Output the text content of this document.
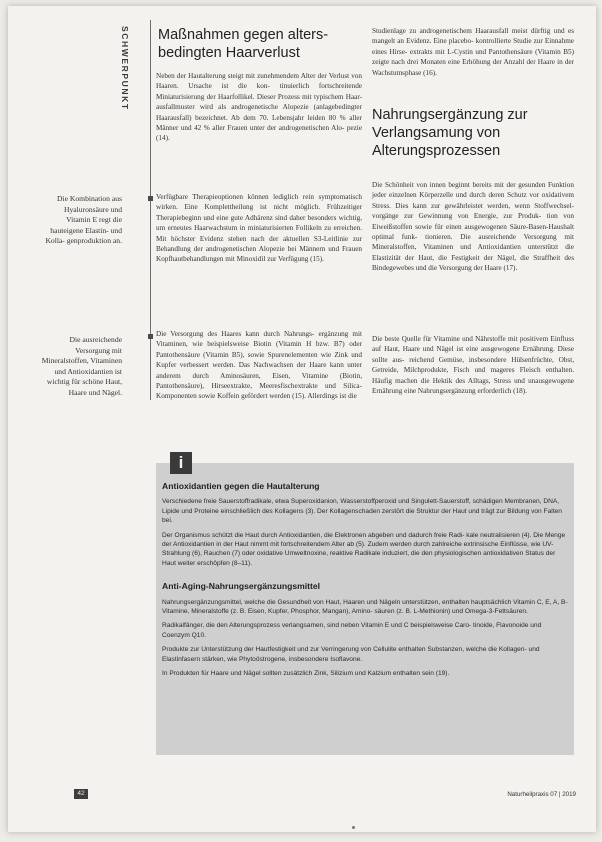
SCHWERPUNKT
Die Kombination aus Hyaluronsäure und Vitamin E regt die hauteigene Elastin- und Kolla- genproduktion an.
Die ausreichende Versorgung mit Mineralstoffen, Vitaminen und Antioxidantien ist wichtig für schöne Haut, Haare und Nägel.
Maßnahmen gegen alters- bedingten Haarverlust

Neben der Hautalterung steigt mit zunehmendem Alter der Verlust von Haaren. Ursache ist die kon- tinuierlich fortschreitende Miniaturisierung der Haarfollikel. Dieser Prozess mit typischem Haar- ausfallmuster wird als androgenetische Alopezie (anlagebedingter Haarausfall) bezeichnet. Ab dem 70. Lebensjahr leiden 80 % aller Männer und 42 % aller Frauen unter der androgenetischen Alo- pezie (14).

Verfügbare Therapieoptionen können lediglich rein symptomatisch wirken. Eine Komplettheilung ist nicht möglich. Frühzeitiger Therapiebeginn und eine gute Adhärenz sind daher besonders wichtig, um erneutes Haarwachstum in miniaturisierten Follikeln zu erreichen. Mit höchster Evidenz stehen nach der aktuellen S3-Leitlinie zur Behandlung der androgenetischen Alopezie bei Männern und Frauen Kopfhautbehandlungen mit Minoxidil zur Verfügung (15).

Die Versorgung des Haares kann durch Nahrungs- ergänzung mit Vitaminen, wie beispielsweise Biotin (Vitamin H bzw. B7) oder Pantothensäure (Vitamin B5), sowie Spurenelementen wie Zink und Kupfer verbessert werden. Das Nachwachsen der Haare kann unter anderem durch Aminosäuren, Eisen, Vitamine (Biotin, Pantothensäure), Hirseextrakte, Meeresfischextrakte und Silica-Komponenten sowie Koffein gefördert werden (15). Allerdings ist die

Studienlage zu androgenetischem Haarausfall meist dürftig und es mangelt an Evidenz. Eine placebo- kontrollierte Studie zur Einnahme eines Hirse- extrakts mit L-Cystin und Pantothensäure (Vitamin B5) zeigte nach drei Monaten eine Erhöhung der Anzahl der Haare in der Wachstumsphase (16).

Nahrungsergänzung zur Verlangsamung von Alterungsprozessen

Die Schönheit von innen beginnt bereits mit der gesunden Funktion jeder einzelnen Körperzelle und durch deren Schutz vor oxidativem Stress. Dies kann zur gewährleistet werden, wenn Stoffwechsel- vorgänge zur Gewinnung von Energie, zur Produk- tion von Eiweißstoffen sowie für einen ausgewogenen Säure-Basen-Haushalt optimal funk- tionieren. Die ausreichende Versorgung mit Mineralstoffen, Vitaminen und Antioxidantien unterstützt die Elastizität der Haut, die Festigkeit der Nägel, die Straffheit des Bindegewebes und die Versorgung der Haare (17).

Die beste Quelle für Vitamine und Nährstoffe mit positivem Einfluss auf Haut, Haare und Nägel ist eine ausgewogene Ernährung. Diese sollte aus- reichend Gemüse, insbesondere Hülsenfrüchte, Obst, Getreide, Milchprodukte, Fisch und mageres Fleisch enthalten. Häufig machen die Hektik des Alltags, Stress und unausgewogene Ernährung eine Nahrungsergänzung erforderlich (18).

i
Antioxidantien gegen die Hautalterung

Verschiedene freie Sauerstoffradikale, etwa Superoxidanion, Wasserstoffperoxid und Singulett-Sauerstoff, schädigen Membranen, DNA, Lipide und Proteine einschließlich des Kollagens (3). Der Kollagenschaden zerstört die Struktur der Haut und trägt zur Bildung von Falten bei.

Der Organismus schützt die Haut durch Antioxidantien, die Elektronen abgeben und dadurch freie Radi- kale neutralisieren (4). Die Menge der Antioxidantien in der Haut nimmt mit fortschreitendem Alter ab (5). Zudem werden durch zahlreiche extrinsische Einflüsse, wie UV-Strahlung (6), Rauchen (7) oder oxidative Umweltnoxine, reaktive Radikale induziert, die den physiologischen antioxidativen Status der Haut weiter erschöpfen (8–11).

Anti-Aging-Nahrungsergänzungsmittel

Nahrungsergänzungsmittel, welche die Gesundheit von Haut, Haaren und Nägeln unterstützen, enthalten hauptsächlich Vitamin C, E, A, B-Vitamine, Mineralstoffe (z. B. Eisen, Kupfer, Phosphor, Mangan), Amino- säuren (z. B. L-Methionin) und Omega-3-Fettsäuren.

Radikalfänger, die den Alterungsprozess verlangsamen, sind neben Vitamin E und C beispielsweise Caro- tinoide, Flavonoide und Coenzym Q10.

Produkte zur Unterstützung der Hautfestigkeit und zur Verringerung von Cellulite enthalten Substanzen, welche die Kollagen- und Elastinfasern stärken, wie Phytoöstrogene, insbesondere Isoflavone.

In Produkten für Haare und Nägel sollten zusätzlich Zink, Silizium und Kalzium enthalten sein (19).

42	Naturheilpraxis 07 | 2019
